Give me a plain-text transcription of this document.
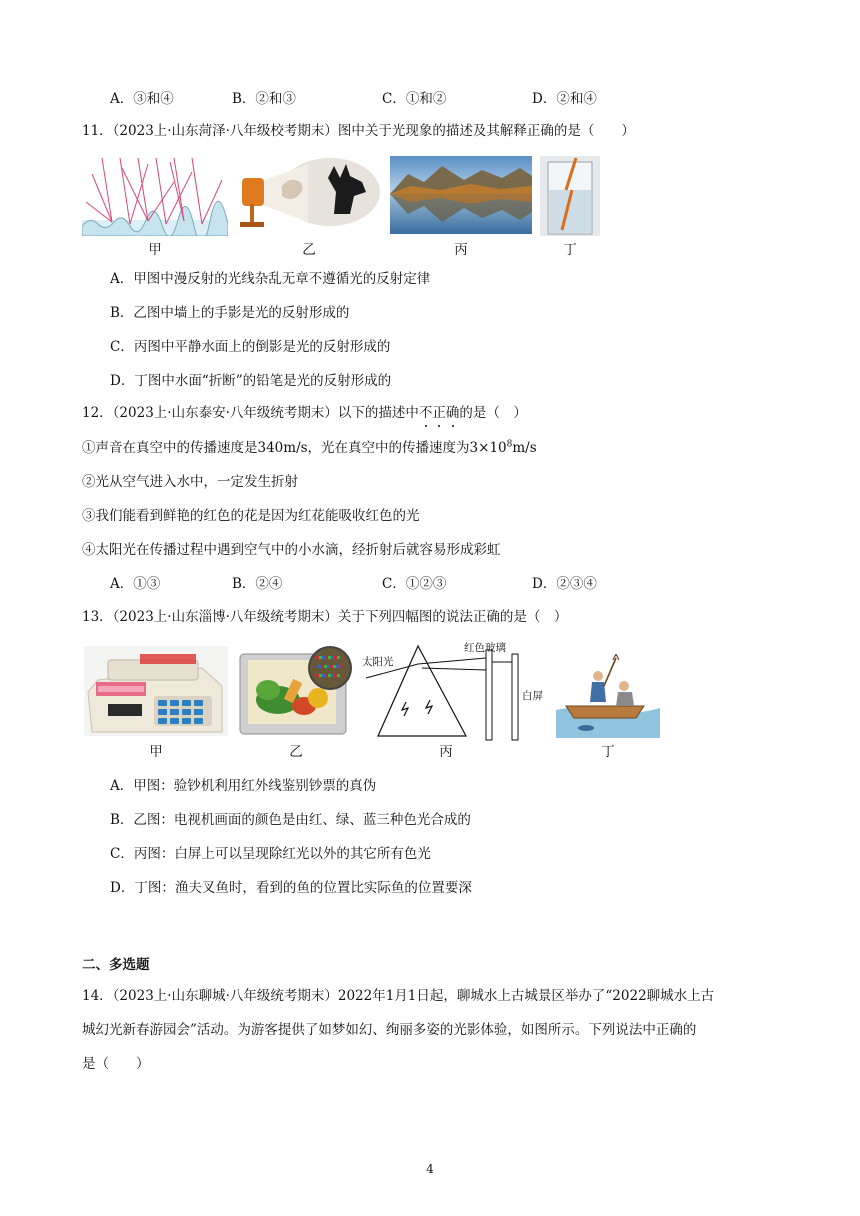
A．③和④	B．②和③	C．①和②	D．②和④
11．（2023上·山东菏泽·八年级校考期末）图中关于光现象的描述及其解释正确的是（　　）
甲	乙	丙	丁
A．甲图中漫反射的光线杂乱无章不遵循光的反射定律
B．乙图中墙上的手影是光的反射形成的
C．丙图中平静水面上的倒影是光的反射形成的
D．丁图中水面“折断”的铅笔是光的反射形成的
12．（2023上·山东泰安·八年级统考期末）以下的描述中不正确的是（　）
①声音在真空中的传播速度是340m/s，光在真空中的传播速度为$3\times 10^8m/s$
②光从空气进入水中，一定发生折射
③我们能看到鲜艳的红色的花是因为红花能吸收红色的光
④太阳光在传播过程中遇到空气中的小水滴，经折射后就容易形成彩虹
A．①③	B．②④	C．①②③	D．②③④
13．（2023上·山东淄博·八年级统考期末）关于下列四幅图的说法正确的是（　）
甲	乙
太阳光
红色玻璃
白屏
丙	丁
A．甲图：验钞机利用红外线鉴别钞票的真伪
B．乙图：电视机画面的颜色是由红、绿、蓝三种色光合成的
C．丙图：白屏上可以呈现除红光以外的其它所有色光
D．丁图：渔夫叉鱼时，看到的鱼的位置比实际鱼的位置要深
二、多选题
14．（2023上·山东聊城·八年级统考期末）2022年1月1日起，聊城水上古城景区举办了“2022聊城水上古
城幻光新春游园会”活动。为游客提供了如梦如幻、绚丽多姿的光影体验，如图所示。下列说法中正确的
是（　　）
4
